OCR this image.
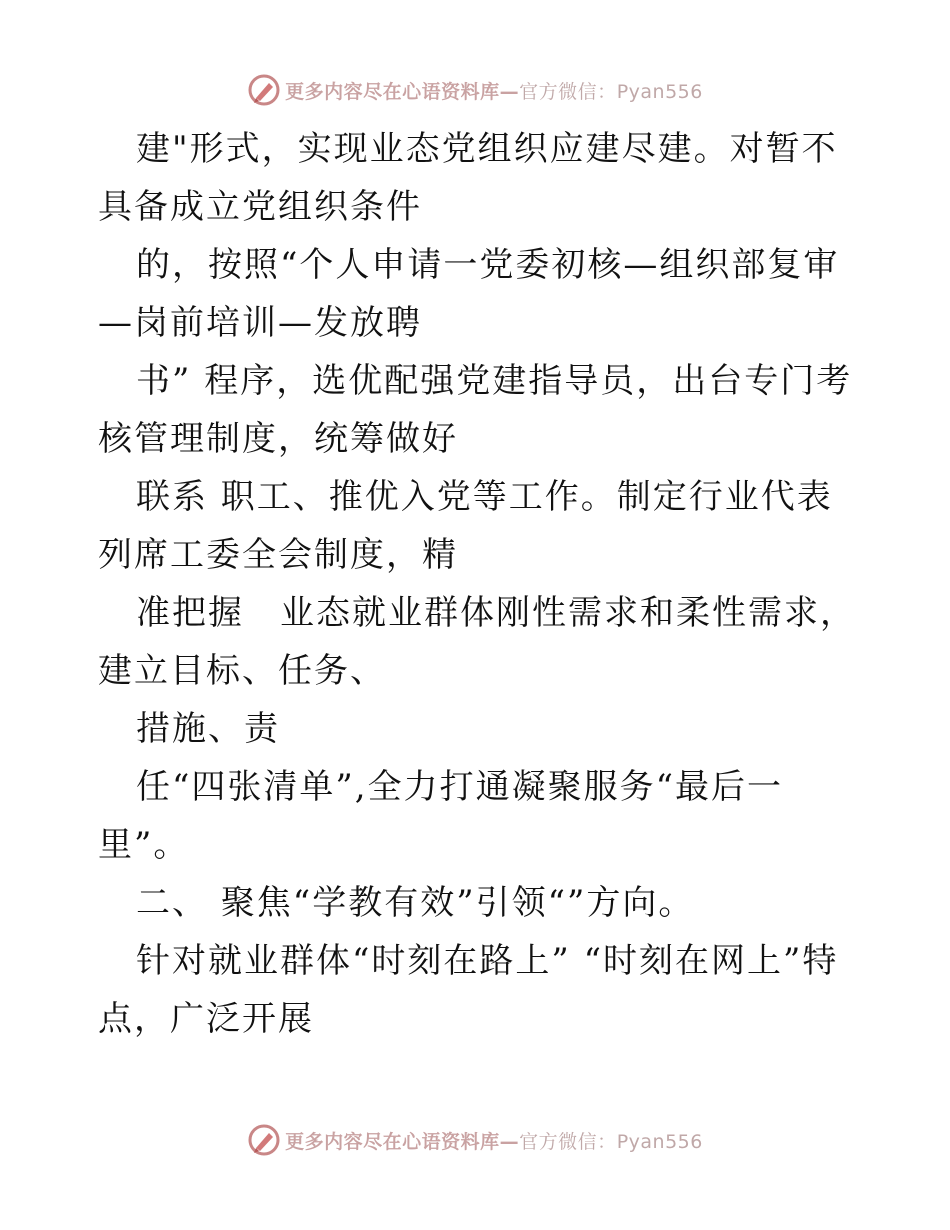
更多内容尽在心语资料库—官方微信：Pyan556

建"形式，实现业态党组织应建尽建。对暂不具备成立党组织条件

的，按照“个人申请一党委初核—组织部复审—岗前培训—发放聘

书” 程序，选优配强党建指导员，出台专门考核管理制度，统筹做好

联系 职工、推优入党等工作。制定行业代表列席工委全会制度，精

准把握　业态就业群体刚性需求和柔性需求，建立目标、任务、

措施、责

任“四张清单”,全力打通凝聚服务“最后一里”。

二、 聚焦“学教有效”引领“”方向。

针对就业群体“时刻在路上” “时刻在网上”特点，广泛开展

更多内容尽在心语资料库—官方微信：Pyan556
